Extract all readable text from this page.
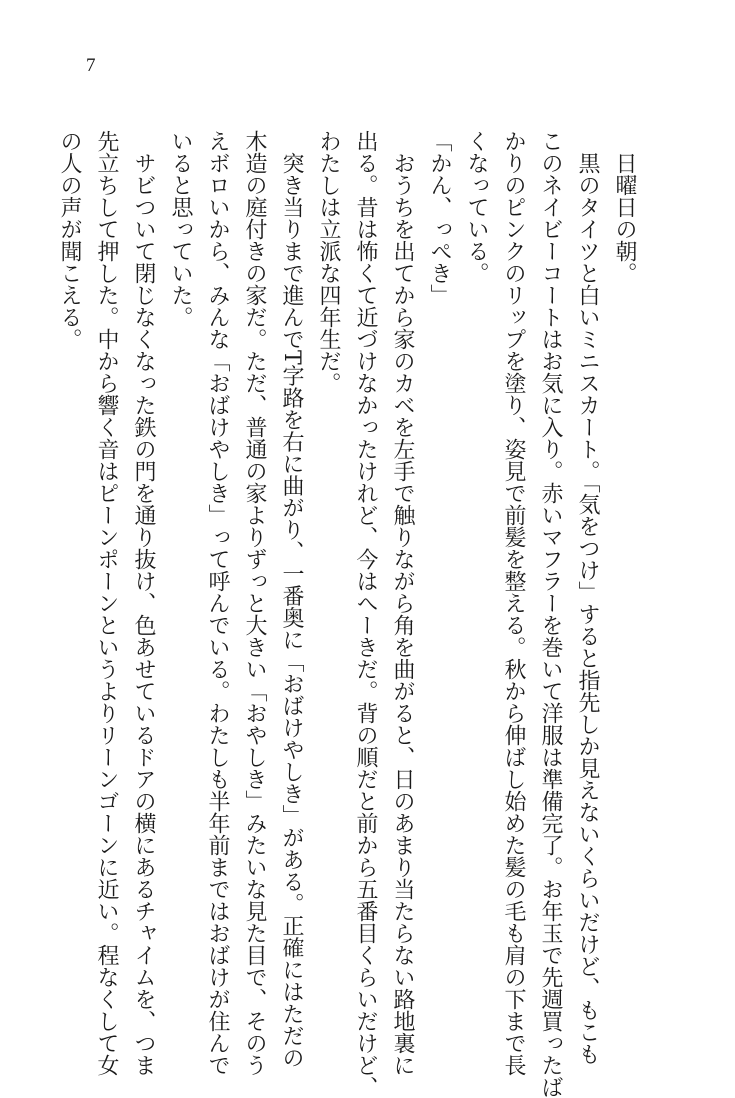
7
日曜日の朝。
黒のタイツと白いミニスカート。「気をつけ」すると指先しか見えないくらいだけど、もこも
このネイビーコートはお気に入り。赤いマフラーを巻いて洋服は準備完了。お年玉で先週買ったば
かりのピンクのリップを塗り、姿見で前髪を整える。秋から伸ばし始めた髪の毛も肩の下まで長
くなっている。
「かん、っぺき」
おうちを出てから家のカベを左手で触りながら角を曲がると、日のあまり当たらない路地裏に
出る。昔は怖くて近づけなかったけれど、今はへーきだ。背の順だと前から五番目くらいだけど、
わたしは立派な四年生だ。
突き当りまで進んでT字路を右に曲がり、一番奥に「おばけやしき」がある。正確にはただの
木造の庭付きの家だ。ただ、普通の家よりずっと大きい「おやしき」みたいな見た目で、そのう
えボロいから、みんな「おばけやしき」って呼んでいる。わたしも半年前まではおばけが住んで
いると思っていた。
サビついて閉じなくなった鉄の門を通り抜け、色あせているドアの横にあるチャイムを、つま
先立ちして押した。中から響く音はピーンポーンというよりリーンゴーンに近い。程なくして女
の人の声が聞こえる。
